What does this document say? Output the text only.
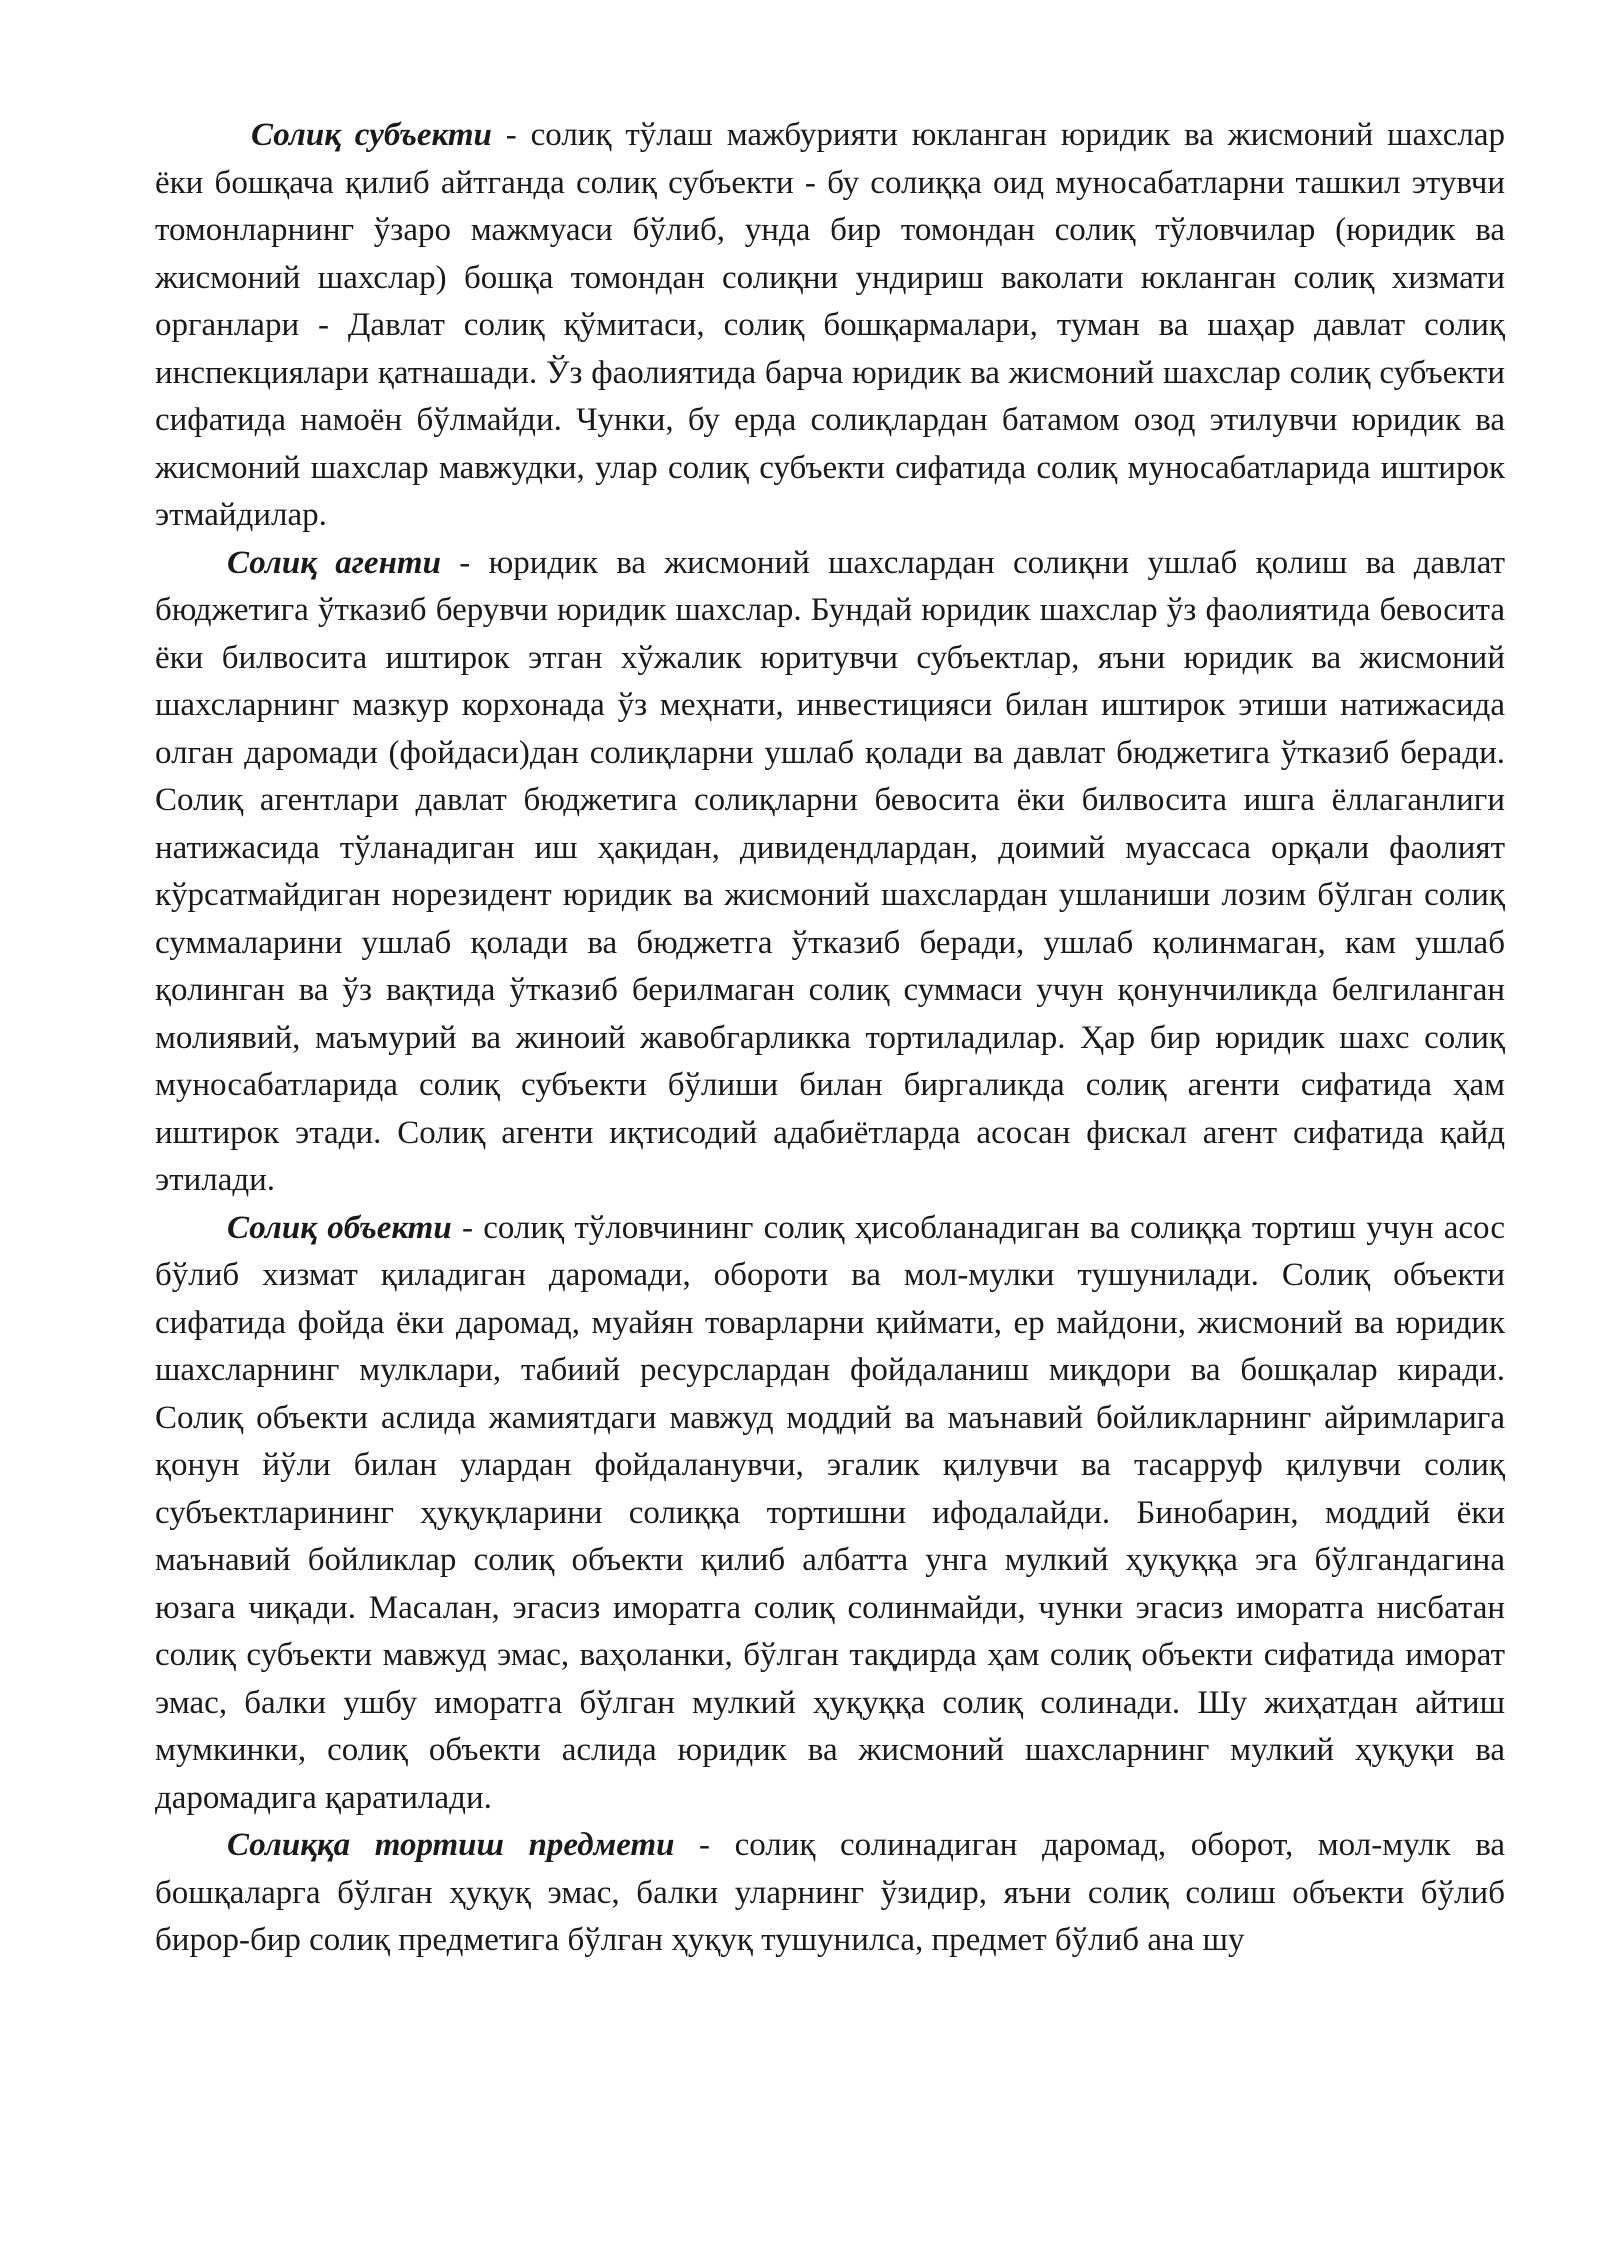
Солиқ субъекти - солиқ тўлаш мажбурияти юкланган юридик ва жисмоний шахслар ёки бошқача қилиб айтганда солиқ субъекти - бу солиққа оид муносабатларни ташкил этувчи томонларнинг ўзаро мажмуаси бўлиб, унда бир томондан солиқ тўловчилар (юридик ва жисмоний шахслар) бошқа томондан солиқни ундириш ваколати юкланган солиқ хизмати органлари - Давлат солиқ қўмитаси, солиқ бошқармалари, туман ва шаҳар давлат солиқ инспекциялари қатнашади. Ўз фаолиятида барча юридик ва жисмоний шахслар солиқ субъекти сифатида намоён бўлмайди. Чунки, бу ерда солиқлардан батамом озод этилувчи юридик ва жисмоний шахслар мавжудки, улар солиқ субъекти сифатида солиқ муносабатларида иштирок этмайдилар.

Солиқ агенти - юридик ва жисмоний шахслардан солиқни ушлаб қолиш ва давлат бюджетига ўтказиб берувчи юридик шахслар. Бундай юридик шахслар ўз фаолиятида бевосита ёки билвосита иштирок этган хўжалик юритувчи субъектлар, яъни юридик ва жисмоний шахсларнинг мазкур корхонада ўз меҳнати, инвестицияси билан иштирок этиши натижасида олган даромади (фойдаси)дан солиқларни ушлаб қолади ва давлат бюджетига ўтказиб беради. Солиқ агентлари давлат бюджетига солиқларни бевосита ёки билвосита ишга ёллаганлиги натижасида тўланадиган иш ҳақидан, дивидендлардан, доимий муассаса орқали фаолият кўрсатмайдиган норезидент юридик ва жисмоний шахслардан ушланиши лозим бўлган солиқ суммаларини ушлаб қолади ва бюджетга ўтказиб беради, ушлаб қолинмаган, кам ушлаб қолинган ва ўз вақтида ўтказиб берилмаган солиқ суммаси учун қонунчиликда белгиланган молиявий, маъмурий ва жиноий жавобгарликка тортиладилар. Ҳар бир юридик шахс солиқ муносабатларида солиқ субъекти бўлиши билан биргаликда солиқ агенти сифатида ҳам иштирок этади. Солиқ агенти иқтисодий адабиётларда асосан фискал агент сифатида қайд этилади.

Солиқ объекти - солиқ тўловчининг солиқ ҳисобланадиган ва солиққа тортиш учун асос бўлиб хизмат қиладиган даромади, обороти ва мол-мулки тушунилади. Солиқ объекти сифатида фойда ёки даромад, муайян товарларни қиймати, ер майдони, жисмоний ва юридик шахсларнинг мулклари, табиий ресурслардан фойдаланиш миқдори ва бошқалар киради. Солиқ объекти аслида жамиятдаги мавжуд моддий ва маънавий бойликларнинг айримларига қонун йўли билан улардан фойдаланувчи, эгалик қилувчи ва тасарруф қилувчи солиқ субъектларининг ҳуқуқларини солиққа тортишни ифодалайди. Бинобарин, моддий ёки маънавий бойликлар солиқ объекти қилиб албатта унга мулкий ҳуқуққа эга бўлгандагина юзага чиқади. Масалан, эгасиз иморатга солиқ солинмайди, чунки эгасиз иморатга нисбатан солиқ субъекти мавжуд эмас, ваҳоланки, бўлган тақдирда ҳам солиқ объекти сифатида иморат эмас, балки ушбу иморатга бўлган мулкий ҳуқуққа солиқ солинади. Шу жиҳатдан айтиш мумкинки, солиқ объекти аслида юридик ва жисмоний шахсларнинг мулкий ҳуқуқи ва даромадига қаратилади.

Солиққа тортиш предмети - солиқ солинадиган даромад, оборот, мол-мулк ва бошқаларга бўлган ҳуқуқ эмас, балки уларнинг ўзидир, яъни солиқ солиш объекти бўлиб бирор-бир солиқ предметига бўлган ҳуқуқ тушунилса, предмет бўлиб ана шу
